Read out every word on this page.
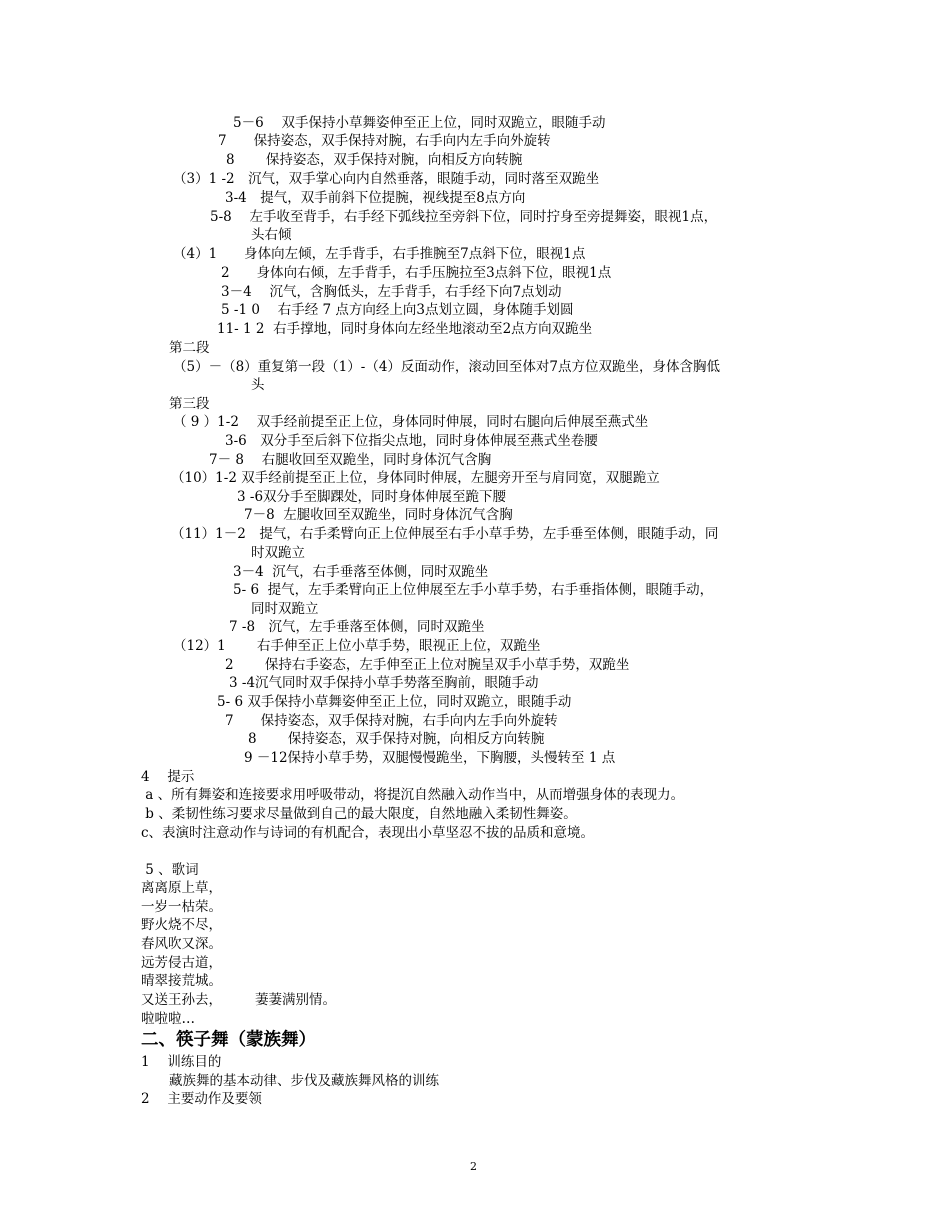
5－6　 双手保持小草舞姿伸至正上位，同时双跪立，眼随手动
7　　保持姿态，双手保持对腕，右手向内左手向外旋转
8　　 保持姿态，双手保持对腕，向相反方向转腕
（3）1 -2　沉气，双手掌心向内自然垂落，眼随手动，同时落至双跪坐
3-4　提气，双手前斜下位提腕，视线提至8点方向
5-8　 左手收至背手，右手经下弧线拉至旁斜下位，同时拧身至旁提舞姿，眼视1点，
头右倾
（4）1　　身体向左倾，左手背手，右手推腕至7点斜下位，眼视1点
2　　身体向右倾，左手背手，右手压腕拉至3点斜下位，眼视1点
3－4　 沉气，含胸低头，左手背手，右手经下向7点划动
5 -1 0　 右手经 7 点方向经上向3点划立圆，身体随手划圆
11- 1 2  右手撑地，同时身体向左经坐地滚动至2点方向双跪坐
第二段
（5）－（8）重复第一段（1）-（4）反面动作，滚动回至体对7点方位双跪坐，身体含胸低
头
第三段
（ 9 ）1-2　 双手经前提至正上位，身体同时伸展，同时右腿向后伸展至燕式坐
3-6　双分手至后斜下位指尖点地，同时身体伸展至燕式坐卷腰
7－ 8　 右腿收回至双跪坐，同时身体沉气含胸
（10）1-2 双手经前提至正上位，身体同时伸展，左腿旁开至与肩同宽，双腿跪立
3 -6双分手至脚踝处，同时身体伸展至跪下腰
7－8  左腿收回至双跪坐，同时身体沉气含胸
（11）1－2　提气，右手柔臂向正上位伸展至右手小草手势，左手垂至体侧，眼随手动，同
时双跪立
3－4  沉气，右手垂落至体侧，同时双跪坐
5- 6  提气，左手柔臂向正上位伸展至左手小草手势，右手垂指体侧，眼随手动，
同时双跪立
7 -8　沉气，左手垂落至体侧，同时双跪坐
（12）1　　 右手伸至正上位小草手势，眼视正上位，双跪坐
2　　 保持右手姿态，左手伸至正上位对腕呈双手小草手势，双跪坐
3 -4沉气同时双手保持小草手势落至胸前，眼随手动
5- 6 双手保持小草舞姿伸至正上位，同时双跪立，眼随手动
7　　保持姿态，双手保持对腕，右手向内左手向外旋转
8　　 保持姿态，双手保持对腕，向相反方向转腕
9 －12保持小草手势，双腿慢慢跪坐，下胸腰，头慢转至 1 点
4　 提示
a 、所有舞姿和连接要求用呼吸带动，将提沉自然融入动作当中，从而增强身体的表现力。
b 、柔韧性练习要求尽量做到自己的最大限度，自然地融入柔韧性舞姿。
c、表演时注意动作与诗词的有机配合，表现出小草坚忍不拔的品质和意境。
5 、歌词
离离原上草，
一岁一枯荣。
野火烧不尽，
春风吹又深。
远芳侵古道，
晴翠接荒城。
又送王孙去， 萋萋满别情。
啦啦啦…
二、筷子舞（蒙族舞）
1　 训练目的
藏族舞的基本动律、步伐及藏族舞风格的训练
2　 主要动作及要领
2
